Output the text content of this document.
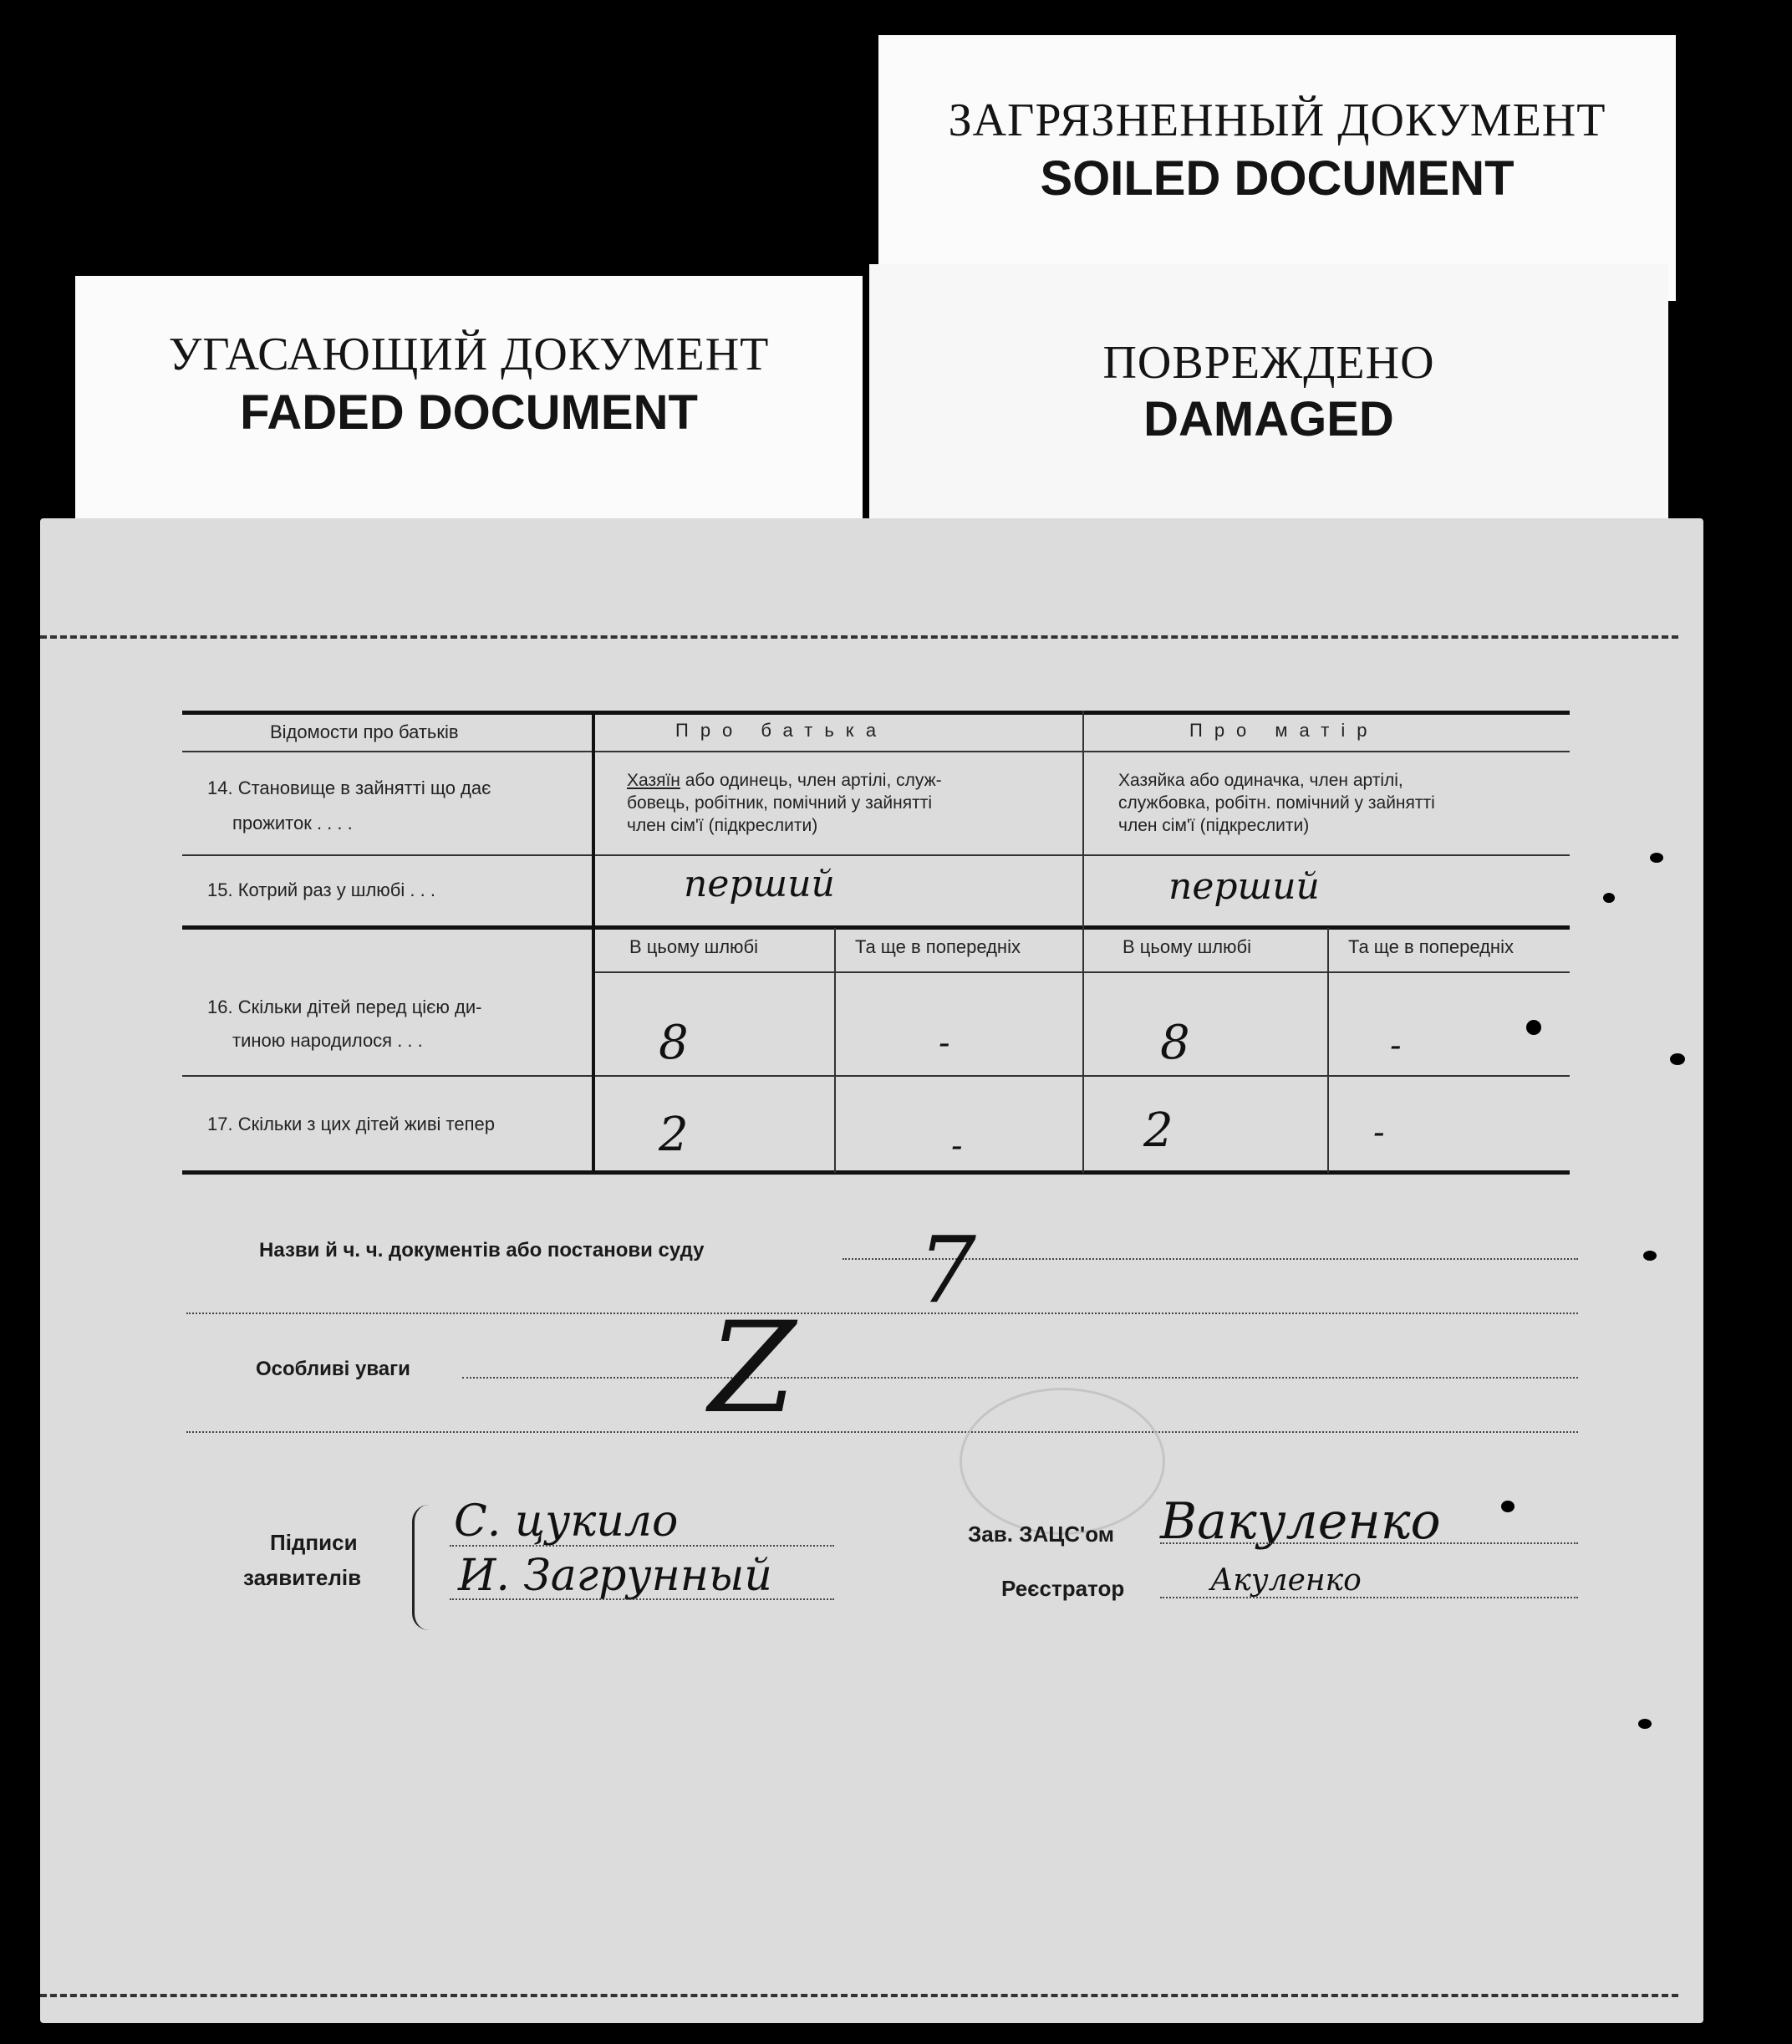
УГАСАЮЩИЙ ДОКУМЕНТ
FADED DOCUMENT
ЗАГРЯЗНЕННЫЙ ДОКУМЕНТ
SOILED DOCUMENT
ПОВРЕЖДЕНО
DAMAGED
Відомости про батьків	Про батька	Про матір
14. Становище в зайнятті що дає
прожиток . . . .
Хазяїн або одинець, член артілі, служ-
бовець, робітник, помічний у зайнятті
член сім'ї (підкреслити)
Хазяйка або одиначка, член артілі,
службовка, робітн. помічний у зайнятті
член сім'ї (підкреслити)
15. Котрий раз у шлюбі . . .	перший	перший
В цьому шлюбі	Та ще в попередніх	В цьому шлюбі	Та ще в попередніх
16. Скільки дітей перед цією ди-
тиною народилося . . .	8	-	8	-
17. Скільки з цих дітей живі тепер	2	-	2	-
Назви й ч. ч. документів або постанови суду 7
Особливі уваги Z
Підписи
заявителів
С. цукило
И. Загрунный
Зав. ЗАЦС'ом Вакуленко
Реєстратор	Акуленко
